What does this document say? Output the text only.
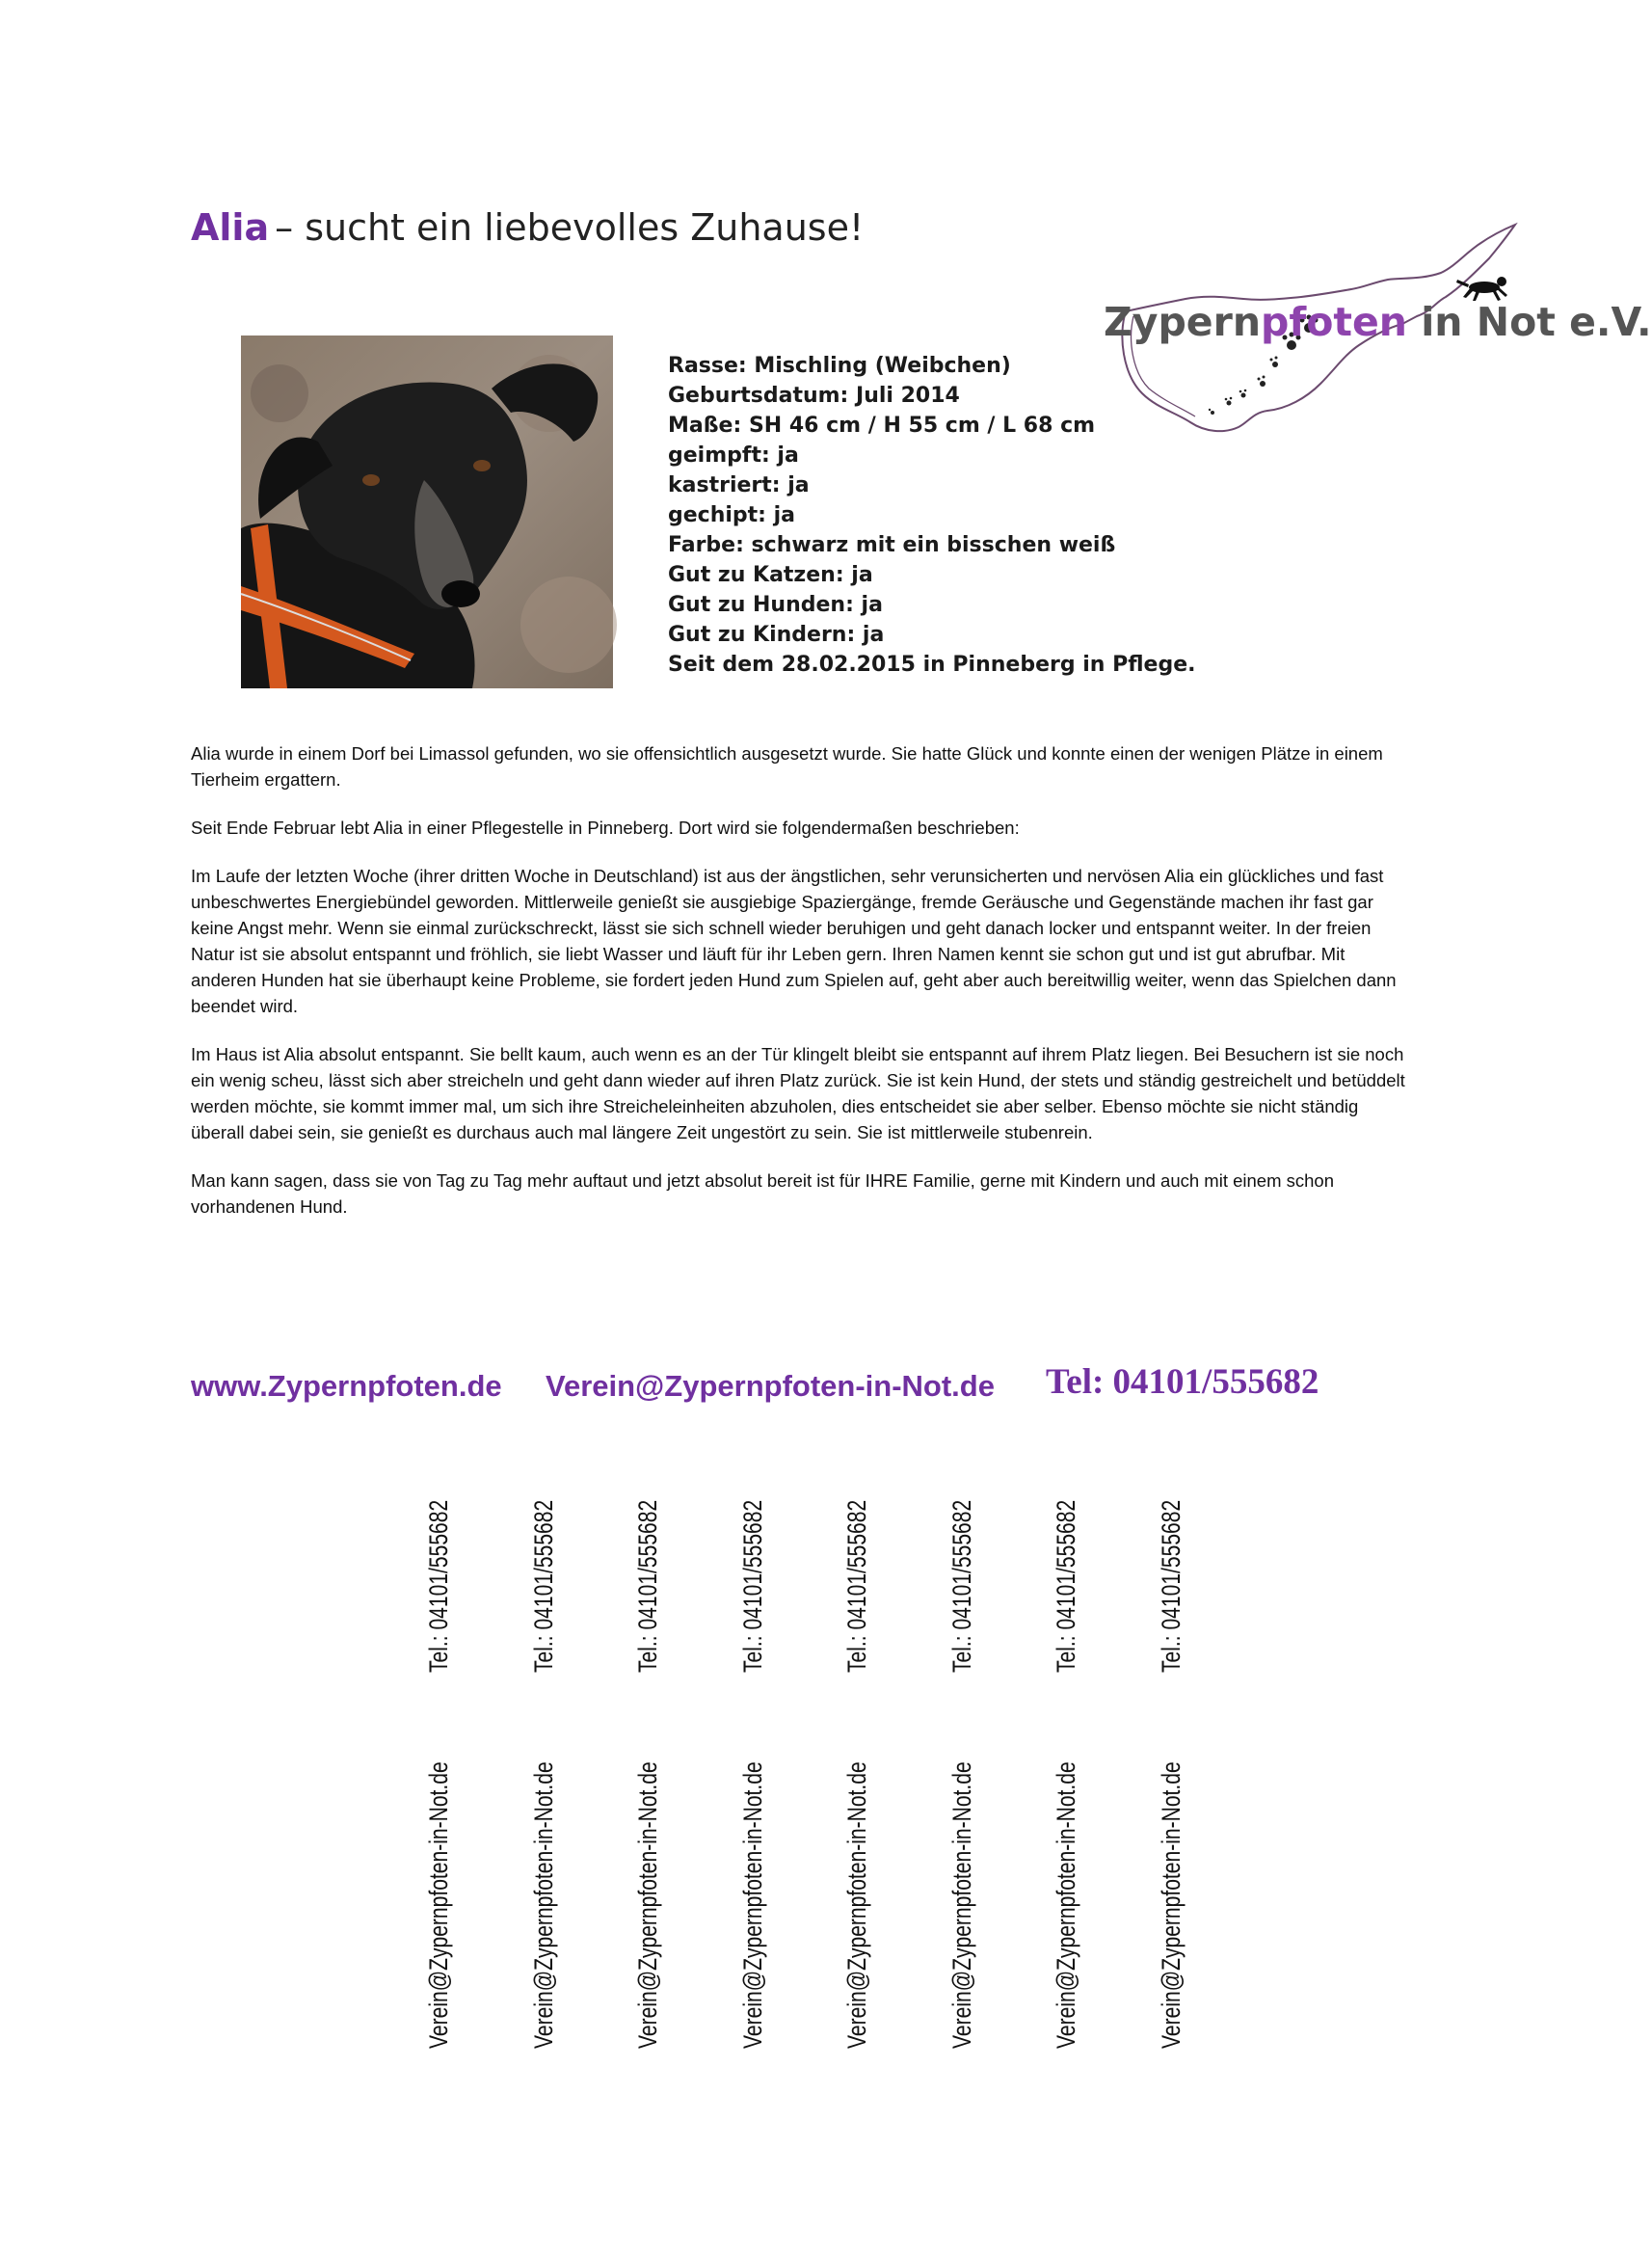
Alia – sucht ein liebevolles Zuhause!
Zypernpfoten in Not e.V.
Rasse: Mischling (Weibchen)
Geburtsdatum: Juli 2014
Maße: SH 46 cm / H 55 cm / L 68 cm
geimpft: ja
kastriert: ja
gechipt: ja
Farbe: schwarz mit ein bisschen weiß
Gut zu Katzen: ja
Gut zu Hunden: ja
Gut zu Kindern: ja
Seit dem 28.02.2015 in Pinneberg in Pflege.

Alia wurde in einem Dorf bei Limassol gefunden, wo sie offensichtlich ausgesetzt wurde. Sie hatte Glück und konnte einen der wenigen Plätze in einem Tierheim ergattern.

Seit Ende Februar lebt Alia in einer Pflegestelle in Pinneberg. Dort wird sie folgendermaßen beschrieben:

Im Laufe der letzten Woche (ihrer dritten Woche in Deutschland) ist aus der ängstlichen, sehr verunsicherten und nervösen Alia ein glückliches und fast unbeschwertes Energiebündel geworden. Mittlerweile genießt sie ausgiebige Spaziergänge, fremde Geräusche und Gegenstände machen ihr fast gar keine Angst mehr. Wenn sie einmal zurückschreckt, lässt sie sich schnell wieder beruhigen und geht danach locker und entspannt weiter. In der freien Natur ist sie absolut entspannt und fröhlich, sie liebt Wasser und läuft für ihr Leben gern. Ihren Namen kennt sie schon gut und ist gut abrufbar. Mit anderen Hunden hat sie überhaupt keine Probleme, sie fordert jeden Hund zum Spielen auf, geht aber auch bereitwillig weiter, wenn das Spielchen dann beendet wird.

Im Haus ist Alia absolut entspannt. Sie bellt kaum, auch wenn es an der Tür klingelt bleibt sie entspannt auf ihrem Platz liegen. Bei Besuchern ist sie noch ein wenig scheu, lässt sich aber streicheln und geht dann wieder auf ihren Platz zurück. Sie ist kein Hund, der stets und ständig gestreichelt und betüddelt werden möchte, sie kommt immer mal, um sich ihre Streicheleinheiten abzuholen, dies entscheidet sie aber selber. Ebenso möchte sie nicht ständig überall dabei sein, sie genießt es durchaus auch mal längere Zeit ungestört zu sein. Sie ist mittlerweile stubenrein.

Man kann sagen, dass sie von Tag zu Tag mehr auftaut und jetzt absolut bereit ist für IHRE Familie, gerne mit Kindern und auch mit einem schon vorhandenen Hund.

www.Zypernpfoten.de Verein@Zypernpfoten-in-Not.de Tel: 04101/555682
Tel.: 04101/555682
Verein@Zypernpfoten-in-Not.de
Tel.: 04101/555682
Verein@Zypernpfoten-in-Not.de
Tel.: 04101/555682
Verein@Zypernpfoten-in-Not.de
Tel.: 04101/555682
Verein@Zypernpfoten-in-Not.de
Tel.: 04101/555682
Verein@Zypernpfoten-in-Not.de
Tel.: 04101/555682
Verein@Zypernpfoten-in-Not.de
Tel.: 04101/555682
Verein@Zypernpfoten-in-Not.de
Tel.: 04101/555682
Verein@Zypernpfoten-in-Not.de
